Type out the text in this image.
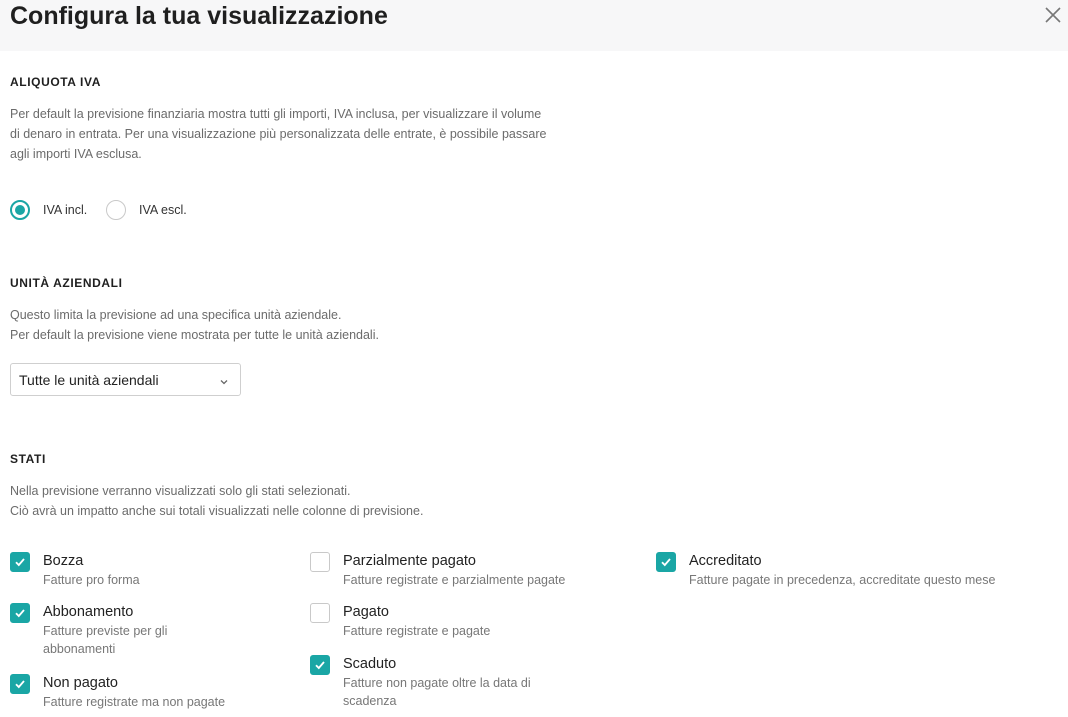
Configura la tua visualizzazione
ALIQUOTA IVA

Per default la previsione finanziaria mostra tutti gli importi, IVA inclusa, per visualizzare il volume
di denaro in entrata. Per una visualizzazione più personalizzata delle entrate, è possibile passare
agli importi IVA esclusa.

IVA incl.	IVA escl.
UNITÀ AZIENDALI

Questo limita la previsione ad una specifica unità aziendale.
Per default la previsione viene mostrata per tutte le unità aziendali.

Tutte le unità aziendali
STATI

Nella previsione verranno visualizzati solo gli stati selezionati.
Ciò avrà un impatto anche sui totali visualizzati nelle colonne di previsione.

Bozza
Fatture pro forma
Abbonamento
Fatture previste per gli abbonamenti
Non pagato
Fatture registrate ma non pagate
Parzialmente pagato
Fatture registrate e parzialmente pagate
Pagato
Fatture registrate e pagate
Scaduto
Fatture non pagate oltre la data di scadenza
Accreditato
Fatture pagate in precedenza, accreditate questo mese
